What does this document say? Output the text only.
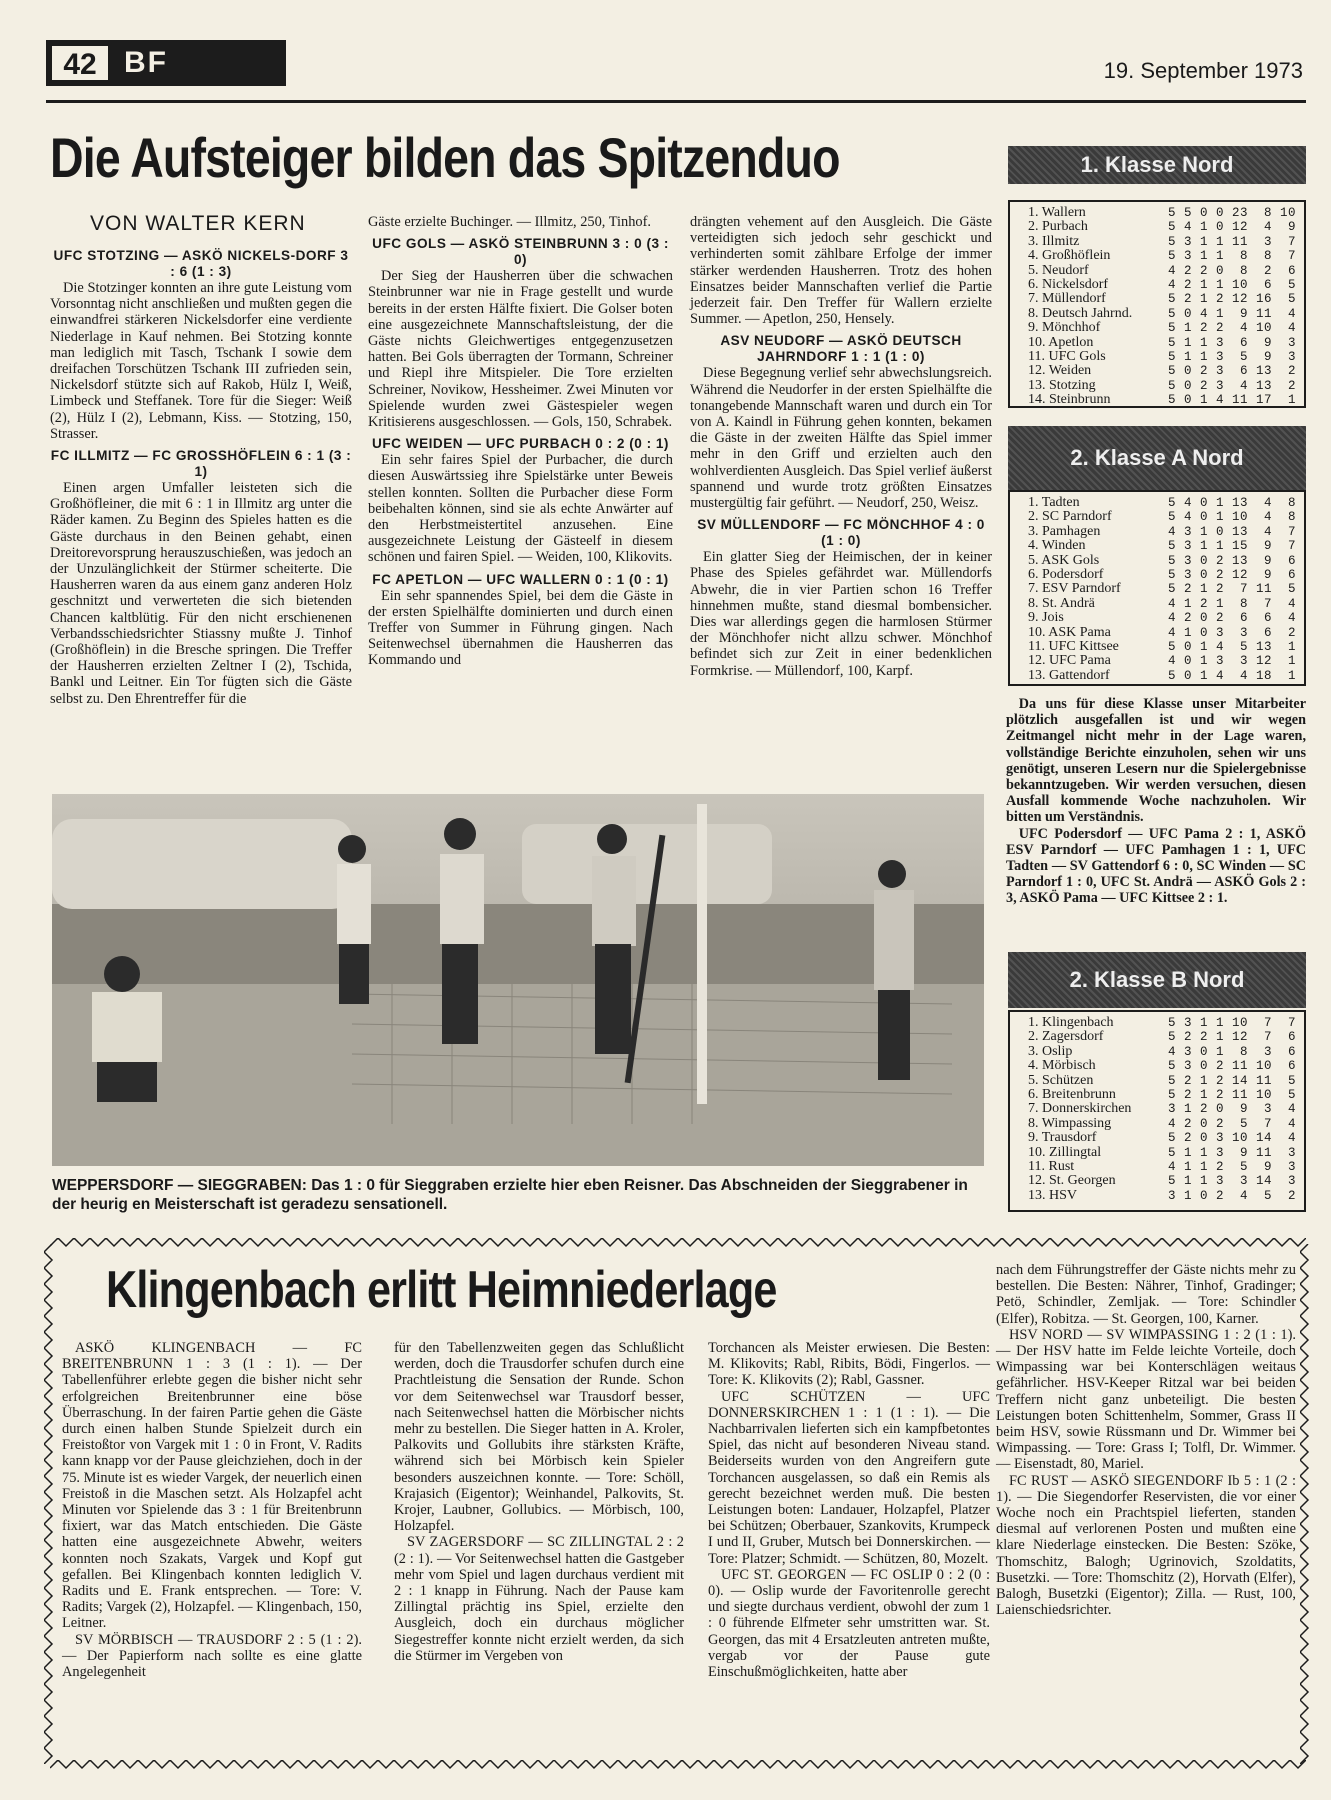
42 BF	19. September 1973
Die Aufsteiger bilden das Spitzenduo
VON WALTER KERN
UFC STOTZING — ASKÖ NICKELS-DORF 3 : 6 (1 : 3)

Die Stotzinger konnten an ihre gute Leistung vom Vorsonntag nicht anschließen und mußten gegen die einwandfrei stärkeren Nickelsdorfer eine verdiente Niederlage in Kauf nehmen. Bei Stotzing konnte man lediglich mit Tasch, Tschank I sowie dem dreifachen Torschützen Tschank III zufrieden sein, Nickelsdorf stützte sich auf Rakob, Hülz I, Weiß, Limbeck und Steffanek. Tore für die Sieger: Weiß (2), Hülz I (2), Lebmann, Kiss. — Stotzing, 150, Strasser.

FC ILLMITZ — FC GROSSHÖFLEIN 6 : 1 (3 : 1)

Einen argen Umfaller leisteten sich die Großhöfleiner, die mit 6 : 1 in Illmitz arg unter die Räder kamen. Zu Beginn des Spieles hatten es die Gäste durchaus in den Beinen gehabt, einen Dreitorevorsprung herauszuschießen, was jedoch an der Unzulänglichkeit der Stürmer scheiterte. Die Hausherren waren da aus einem ganz anderen Holz geschnitzt und verwerteten die sich bietenden Chancen kaltblütig. Für den nicht erschienenen Verbandsschiedsrichter Stiassny mußte J. Tinhof (Großhöflein) in die Bresche springen. Die Treffer der Hausherren erzielten Zeltner I (2), Tschida, Bankl und Leitner. Ein Tor fügten sich die Gäste selbst zu. Den Ehrentreffer für die

Gäste erzielte Buchinger. — Illmitz, 250, Tinhof.

UFC GOLS — ASKÖ STEINBRUNN 3 : 0 (3 : 0)

Der Sieg der Hausherren über die schwachen Steinbrunner war nie in Frage gestellt und wurde bereits in der ersten Hälfte fixiert. Die Golser boten eine ausgezeichnete Mannschaftsleistung, der die Gäste nichts Gleichwertiges entgegenzusetzen hatten. Bei Gols überragten der Tormann, Schreiner und Riepl ihre Mitspieler. Die Tore erzielten Schreiner, Novikow, Hessheimer. Zwei Minuten vor Spielende wurden zwei Gästespieler wegen Kritisierens ausgeschlossen. — Gols, 150, Schrabek.

UFC WEIDEN — UFC PURBACH 0 : 2 (0 : 1)

Ein sehr faires Spiel der Purbacher, die durch diesen Auswärtssieg ihre Spielstärke unter Beweis stellen konnten. Sollten die Purbacher diese Form beibehalten können, sind sie als echte Anwärter auf den Herbstmeistertitel anzusehen. Eine ausgezeichnete Leistung der Gästeelf in diesem schönen und fairen Spiel. — Weiden, 100, Klikovits.

FC APETLON — UFC WALLERN 0 : 1 (0 : 1)

Ein sehr spannendes Spiel, bei dem die Gäste in der ersten Spielhälfte dominierten und durch einen Treffer von Summer in Führung gingen. Nach Seitenwechsel übernahmen die Hausherren das Kommando und

drängten vehement auf den Ausgleich. Die Gäste verteidigten sich jedoch sehr geschickt und verhinderten somit zählbare Erfolge der immer stärker werdenden Hausherren. Trotz des hohen Einsatzes beider Mannschaften verlief die Partie jederzeit fair. Den Treffer für Wallern erzielte Summer. — Apetlon, 250, Hensely.

ASV NEUDORF — ASKÖ DEUTSCH JAHRNDORF 1 : 1 (1 : 0)

Diese Begegnung verlief sehr abwechslungsreich. Während die Neudorfer in der ersten Spielhälfte die tonangebende Mannschaft waren und durch ein Tor von A. Kaindl in Führung gehen konnten, bekamen die Gäste in der zweiten Hälfte das Spiel immer mehr in den Griff und erzielten auch den wohlverdienten Ausgleich. Das Spiel verlief äußerst spannend und wurde trotz größten Einsatzes mustergültig fair geführt. — Neudorf, 250, Weisz.

SV MÜLLENDORF — FC MÖNCHHOF 4 : 0 (1 : 0)

Ein glatter Sieg der Heimischen, der in keiner Phase des Spieles gefährdet war. Müllendorfs Abwehr, die in vier Partien schon 16 Treffer hinnehmen mußte, stand diesmal bombensicher. Dies war allerdings gegen die harmlosen Stürmer der Mönchhofer nicht allzu schwer. Mönchhof befindet sich zur Zeit in einer bedenklichen Formkrise. — Müllendorf, 100, Karpf.

WEPPERSDORF — SIEGGRABEN: Das 1 : 0 für Sieggraben erzielte hier eben Reisner. Das Abschneiden der Sieggrabener in der heurig en Meisterschaft ist geradezu sensationell.
1. Klasse Nord
1. Wallern	5 5 0 0 23  8 10
2. Purbach	5 4 1 0 12  4  9
3. Illmitz	5 3 1 1 11  3  7
4. Großhöflein	5 3 1 1  8  8  7
5. Neudorf	4 2 2 0  8  2  6
6. Nickelsdorf	4 2 1 1 10  6  5
7. Müllendorf	5 2 1 2 12 16  5
8. Deutsch Jahrnd.	5 0 4 1  9 11  4
9. Mönchhof	5 1 2 2  4 10  4
10. Apetlon	5 1 1 3  6  9  3
11. UFC Gols	5 1 1 3  5  9  3
12. Weiden	5 0 2 3  6 13  2
13. Stotzing	5 0 2 3  4 13  2
14. Steinbrunn	5 0 1 4 11 17  1
2. Klasse A Nord
1. Tadten	5 4 0 1 13  4  8
2. SC Parndorf	5 4 0 1 10  4  8
3. Pamhagen	4 3 1 0 13  4  7
4. Winden	5 3 1 1 15  9  7
5. ASK Gols	5 3 0 2 13  9  6
6. Podersdorf	5 3 0 2 12  9  6
7. ESV Parndorf	5 2 1 2  7 11  5
8. St. Andrä	4 1 2 1  8  7  4
9. Jois	4 2 0 2  6  6  4
10. ASK Pama	4 1 0 3  3  6  2
11. UFC Kittsee	5 0 1 4  5 13  1
12. UFC Pama	4 0 1 3  3 12  1
13. Gattendorf	5 0 1 4  4 18  1
Da uns für diese Klasse unser Mitarbeiter plötzlich ausgefallen ist und wir wegen Zeitmangel nicht mehr in der Lage waren, vollständige Berichte einzuholen, sehen wir uns genötigt, unseren Lesern nur die Spielergebnisse bekanntzugeben. Wir werden versuchen, diesen Ausfall kommende Woche nachzuholen. Wir bitten um Verständnis.
UFC Podersdorf — UFC Pama 2 : 1, ASKÖ ESV Parndorf — UFC Pamhagen 1 : 1, UFC Tadten — SV Gattendorf 6 : 0, SC Winden — SC Parndorf 1 : 0, UFC St. Andrä — ASKÖ Gols 2 : 3, ASKÖ Pama — UFC Kittsee 2 : 1.
2. Klasse B Nord
1. Klingenbach	5 3 1 1 10  7  7
2. Zagersdorf	5 2 2 1 12  7  6
3. Oslip	4 3 0 1  8  3  6
4. Mörbisch	5 3 0 2 11 10  6
5. Schützen	5 2 1 2 14 11  5
6. Breitenbrunn	5 2 1 2 11 10  5
7. Donnerskirchen	3 1 2 0  9  3  4
8. Wimpassing	4 2 0 2  5  7  4
9. Trausdorf	5 2 0 3 10 14  4
10. Zillingtal	5 1 1 3  9 11  3
11. Rust	4 1 1 2  5  9  3
12. St. Georgen	5 1 1 3  3 14  3
13. HSV	3 1 0 2  4  5  2
Klingenbach erlitt Heimniederlage

ASKÖ KLINGENBACH — FC BREITENBRUNN 1 : 3 (1 : 1). — Der Tabellenführer erlebte gegen die bisher nicht sehr erfolgreichen Breitenbrunner eine böse Überraschung. In der fairen Partie gehen die Gäste durch einen halben Stunde Spielzeit durch ein Freistoßtor von Vargek mit 1 : 0 in Front, V. Radits kann knapp vor der Pause gleichziehen, doch in der 75. Minute ist es wieder Vargek, der neuerlich einen Freistoß in die Maschen setzt. Als Holzapfel acht Minuten vor Spielende das 3 : 1 für Breitenbrunn fixiert, war das Match entschieden. Die Gäste hatten eine ausgezeichnete Abwehr, weiters konnten noch Szakats, Vargek und Kopf gut gefallen. Bei Klingenbach konnten lediglich V. Radits und E. Frank entsprechen. — Tore: V. Radits; Vargek (2), Holzapfel. — Klingenbach, 150, Leitner.

SV MÖRBISCH — TRAUSDORF 2 : 5 (1 : 2). — Der Papierform nach sollte es eine glatte Angelegenheit

für den Tabellenzweiten gegen das Schlußlicht werden, doch die Trausdorfer schufen durch eine Prachtleistung die Sensation der Runde. Schon vor dem Seitenwechsel war Trausdorf besser, nach Seitenwechsel hatten die Mörbischer nichts mehr zu bestellen. Die Sieger hatten in A. Kroler, Palkovits und Gollubits ihre stärksten Kräfte, während sich bei Mörbisch kein Spieler besonders auszeichnen konnte. — Tore: Schöll, Krajasich (Eigentor); Weinhandel, Palkovits, St. Krojer, Laubner, Gollubics. — Mörbisch, 100, Holzapfel.

SV ZAGERSDORF — SC ZILLINGTAL 2 : 2 (2 : 1). — Vor Seitenwechsel hatten die Gastgeber mehr vom Spiel und lagen durchaus verdient mit 2 : 1 knapp in Führung. Nach der Pause kam Zillingtal prächtig ins Spiel, erzielte den Ausgleich, doch ein durchaus möglicher Siegestreffer konnte nicht erzielt werden, da sich die Stürmer im Vergeben von

Torchancen als Meister erwiesen. Die Besten: M. Klikovits; Rabl, Ribits, Bödi, Fingerlos. — Tore: K. Klikovits (2); Rabl, Gassner.

UFC SCHÜTZEN — UFC DONNERSKIRCHEN 1 : 1 (1 : 1). — Die Nachbarrivalen lieferten sich ein kampfbetontes Spiel, das nicht auf besonderen Niveau stand. Beiderseits wurden von den Angreifern gute Torchancen ausgelassen, so daß ein Remis als gerecht bezeichnet werden muß. Die besten Leistungen boten: Landauer, Holzapfel, Platzer bei Schützen; Oberbauer, Szankovits, Krumpeck I und II, Gruber, Mutsch bei Donnerskirchen. — Tore: Platzer; Schmidt. — Schützen, 80, Mozelt.

UFC ST. GEORGEN — FC OSLIP 0 : 2 (0 : 0). — Oslip wurde der Favoritenrolle gerecht und siegte durchaus verdient, obwohl der zum 1 : 0 führende Elfmeter sehr umstritten war. St. Georgen, das mit 4 Ersatzleuten antreten mußte, vergab vor der Pause gute Einschußmöglichkeiten, hatte aber

nach dem Führungstreffer der Gäste nichts mehr zu bestellen. Die Besten: Nährer, Tinhof, Gradinger; Petö, Schindler, Zemljak. — Tore: Schindler (Elfer), Robitza. — St. Georgen, 100, Karner.

HSV NORD — SV WIMPASSING 1 : 2 (1 : 1). — Der HSV hatte im Felde leichte Vorteile, doch Wimpassing war bei Konterschlägen weitaus gefährlicher. HSV-Keeper Ritzal war bei beiden Treffern nicht ganz unbeteiligt. Die besten Leistungen boten Schittenhelm, Sommer, Grass II beim HSV, sowie Rüssmann und Dr. Wimmer bei Wimpassing. — Tore: Grass I; Tolfl, Dr. Wimmer. — Eisenstadt, 80, Mariel.

FC RUST — ASKÖ SIEGENDORF Ib 5 : 1 (2 : 1). — Die Siegendorfer Reservisten, die vor einer Woche noch ein Prachtspiel lieferten, standen diesmal auf verlorenen Posten und mußten eine klare Niederlage einstecken. Die Besten: Szöke, Thomschitz, Balogh; Ugrinovich, Szoldatits, Busetzki. — Tore: Thomschitz (2), Horvath (Elfer), Balogh, Busetzki (Eigentor); Zilla. — Rust, 100, Laienschiedsrichter.
